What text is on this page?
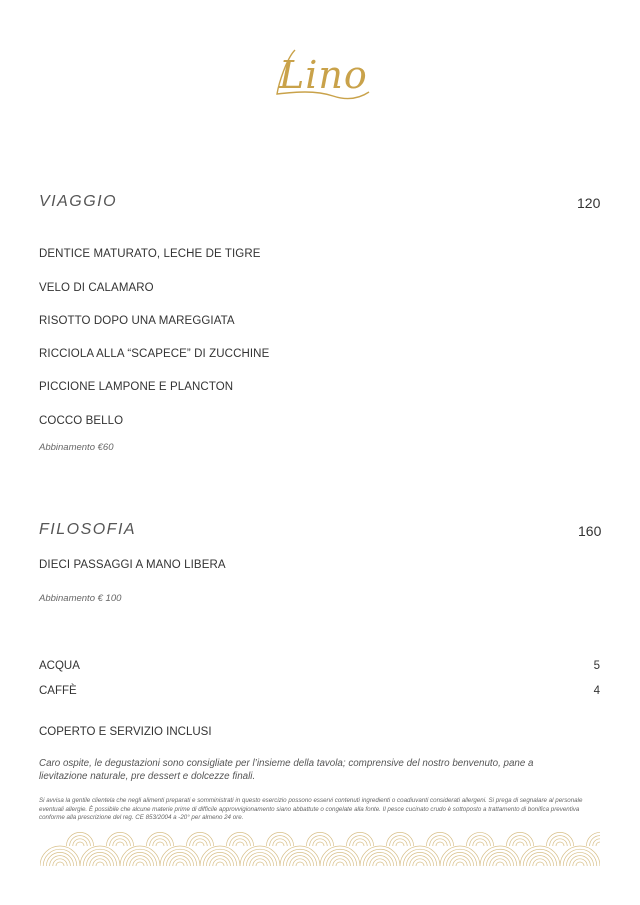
Lino
VIAGGIO	120
DENTICE MATURATO, LECHE DE TIGRE
VELO DI CALAMARO
RISOTTO DOPO UNA MAREGGIATA
RICCIOLA ALLA “SCAPECE” DI ZUCCHINE
PICCIONE LAMPONE E PLANCTON
COCCO BELLO
Abbinamento €60
FILOSOFIA	160
DIECI PASSAGGI A MANO LIBERA
Abbinamento € 100
ACQUA	5
CAFFÈ	4
COPERTO E SERVIZIO INCLUSI
Caro ospite, le degustazioni sono consigliate per l’insieme della tavola; comprensive del nostro benvenuto, pane a lievitazione naturale, pre dessert e dolcezze finali.
Si avvisa la gentile clientela che negli alimenti preparati e somministrati in questo esercizio possono esservi contenuti ingredienti o coadiuvanti considerati allergeni. Si prega di segnalare al personale eventuali allergie. È possibile che alcune materie prime di difficile approvvigionamento siano abbattute o congelate alla fonte. Il pesce cucinato crudo è sottoposto a trattamento di bonifica preventiva conforme alla prescrizione del reg. CE 853/2004 a -20° per almeno 24 ore.
